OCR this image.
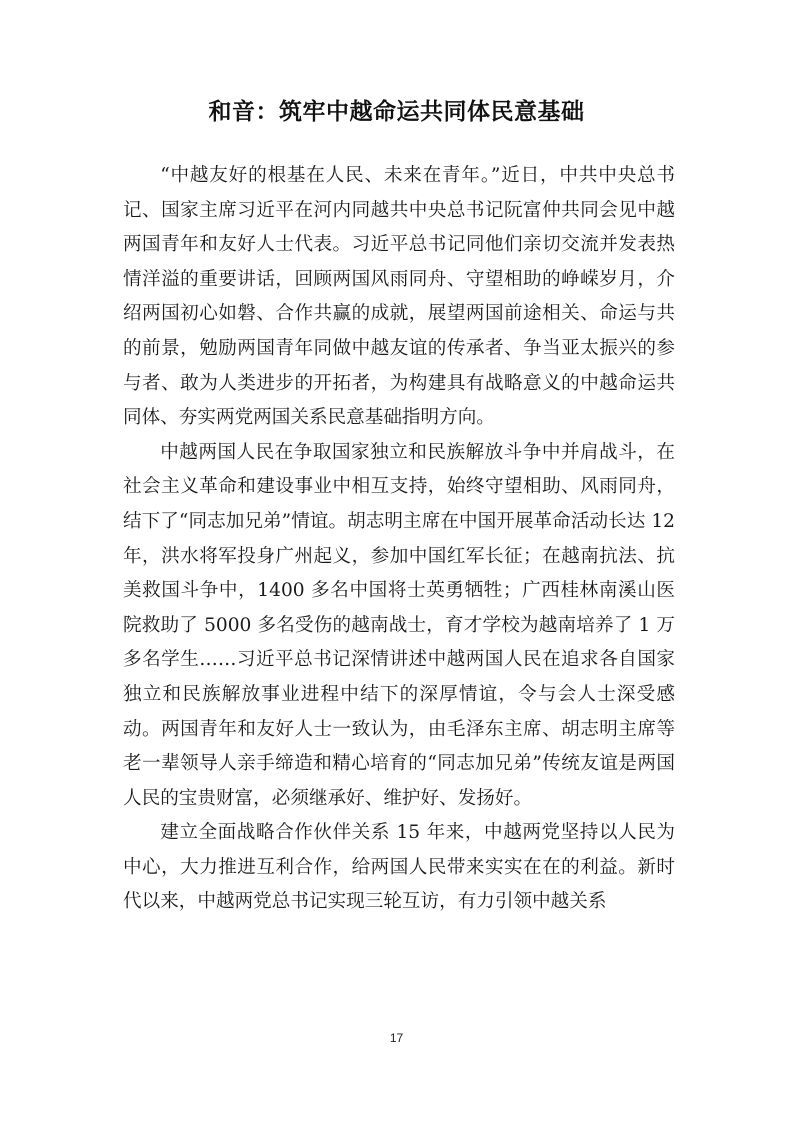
和音：筑牢中越命运共同体民意基础

“中越友好的根基在人民、未来在青年。”近日，中共中央总书记、国家主席习近平在河内同越共中央总书记阮富仲共同会见中越两国青年和友好人士代表。习近平总书记同他们亲切交流并发表热情洋溢的重要讲话，回顾两国风雨同舟、守望相助的峥嵘岁月，介绍两国初心如磐、合作共赢的成就，展望两国前途相关、命运与共的前景，勉励两国青年同做中越友谊的传承者、争当亚太振兴的参与者、敢为人类进步的开拓者，为构建具有战略意义的中越命运共同体、夯实两党两国关系民意基础指明方向。

中越两国人民在争取国家独立和民族解放斗争中并肩战斗，在社会主义革命和建设事业中相互支持，始终守望相助、风雨同舟，结下了“同志加兄弟”情谊。胡志明主席在中国开展革命活动长达 12 年，洪水将军投身广州起义，参加中国红军长征；在越南抗法、抗美救国斗争中，1400 多名中国将士英勇牺牲；广西桂林南溪山医院救助了 5000 多名受伤的越南战士，育才学校为越南培养了 1 万多名学生……习近平总书记深情讲述中越两国人民在追求各自国家独立和民族解放事业进程中结下的深厚情谊，令与会人士深受感动。两国青年和友好人士一致认为，由毛泽东主席、胡志明主席等老一辈领导人亲手缔造和精心培育的“同志加兄弟”传统友谊是两国人民的宝贵财富，必须继承好、维护好、发扬好。

建立全面战略合作伙伴关系 15 年来，中越两党坚持以人民为中心，大力推进互利合作，给两国人民带来实实在在的利益。新时代以来，中越两党总书记实现三轮互访，有力引领中越关系

17
